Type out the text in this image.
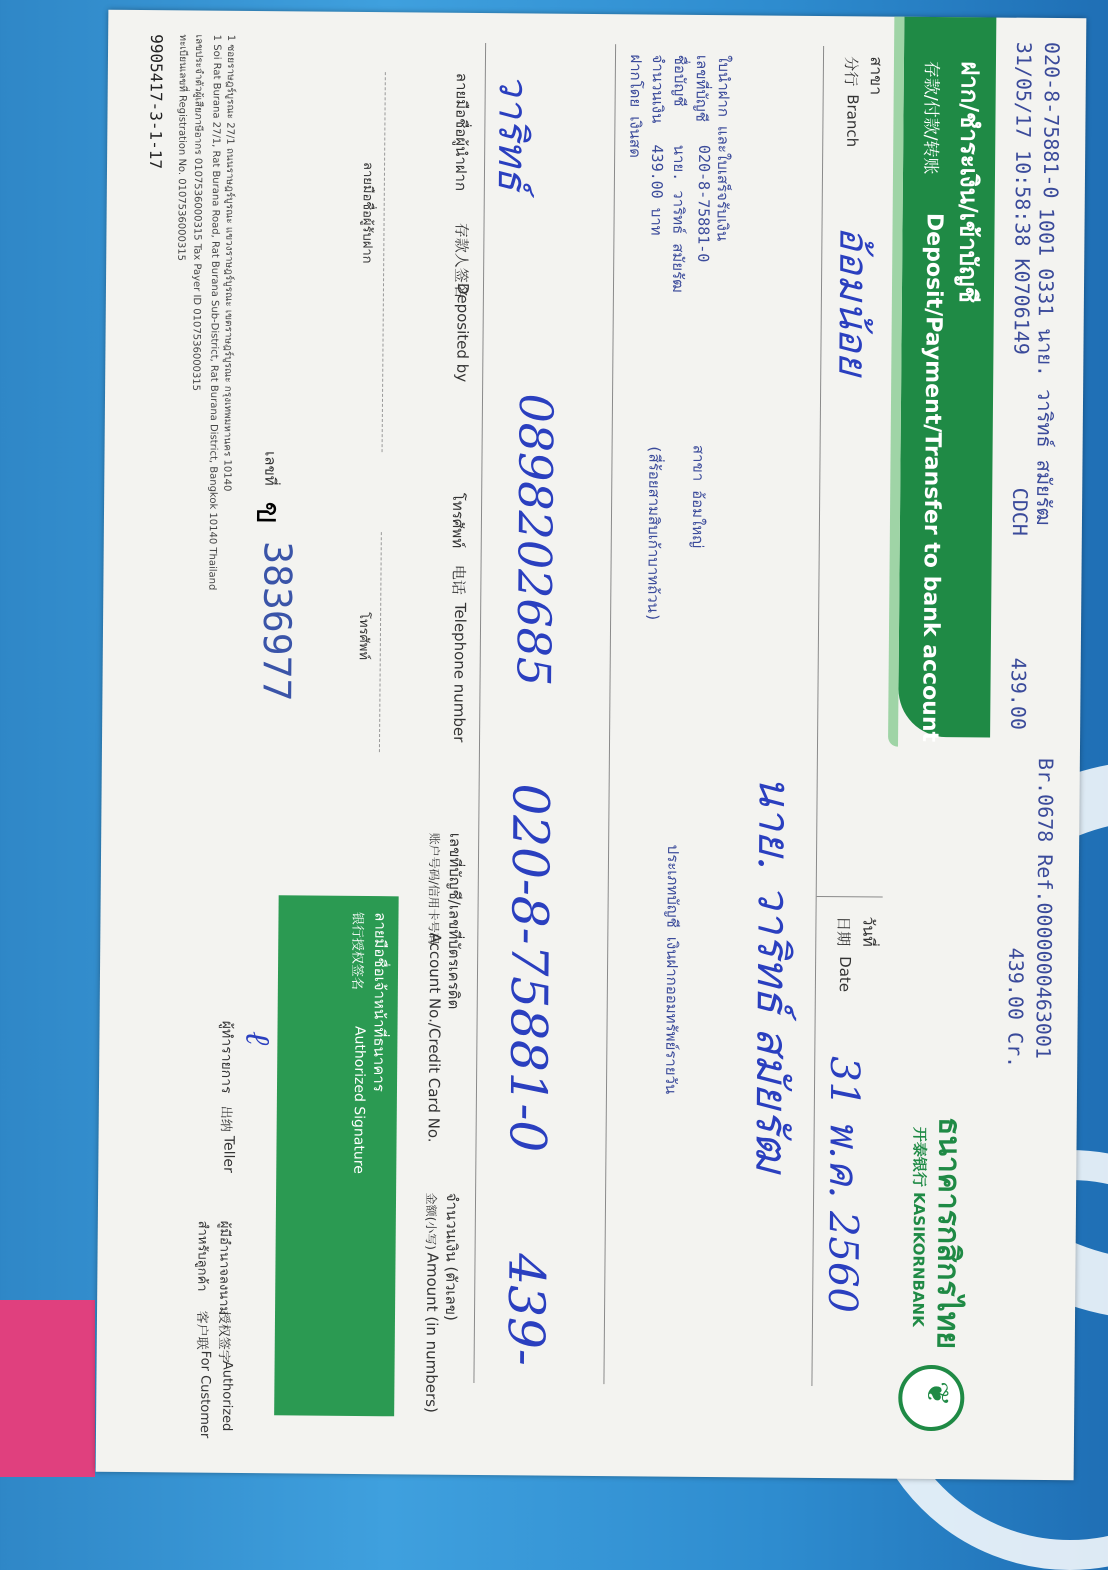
020-8-75881-0
1001 0331 นาย. วาริทธ์ สมัยรัฒ
Br.0678 Ref.0000000463001
31/05/17 10:58:38 K0706149
CDCH
439.00
439.00 Cr.
ฝาก/ชำระเงิน/เข้าบัญชี
存款/付款/转账
Deposit/Payment/Transfer to bank account
ธนาคารกสิกรไทย
开泰银行 KASIKORNBANK
❦
สาขา
分行
Branch
อ้อมน้อย
วันที่
日期
Date
31 พ.ค. 2560
นาย. วาริทธ์ สมัยรัฒ
ใบนำฝาก และใบเสร็จรับเงิน
เลขที่บัญชี
020-8-75881-0
สาขา อ้อมใหญ่
ชื่อบัญชี
นาย. วาริทธ์ สมัยรัฒ
ประเภทบัญชี เงินฝากออมทรัพย์รายวัน
จำนวนเงิน
439.00 บาท
(สี่ร้อยสามสิบเก้าบาทถ้วน)
ฝากโดย เงินสด
0898202685
020-8-75881-0
439-
วาริทธ์
ลายมือชื่อผู้นำฝาก
存款人签名
Deposited by
โทรศัพท์
电话
Telephone number
เลขที่บัญชี/เลขที่บัตรเครดิต
账户号码/信用卡号码
Account No./Credit Card No.
จำนวนเงิน (ตัวเลข)
金额(小写)
Amount (in numbers)
ลายมือชื่อผู้รับฝาก
โทรศัพท์
ลายมือชื่อเจ้าหน้าที่ธนาคาร
银行授权签名
Authorized Signature
ℓ
ผู้ทำรายการ
出纳
Teller
ผู้มีอำนาจลงนาม
授权签字
Authorized
สำหรับลูกค้า
客户联
For Customer
เลขที่
ข
3836977
1 ซอยราษฎร์บูรณะ 27/1 ถนนราษฎร์บูรณะ แขวงราษฎร์บูรณะ เขตราษฎร์บูรณะ กรุงเทพมหานคร 10140
1 Soi Rat Burana 27/1, Rat Burana Road, Rat Burana Sub-District, Rat Burana District, Bangkok 10140 Thailand
เลขประจำตัวผู้เสียภาษีอากร 0107536000315 Tax Payer ID 0107536000315
ทะเบียนเลขที่ Registration No. 0107536000315
9905417-3-1-17
